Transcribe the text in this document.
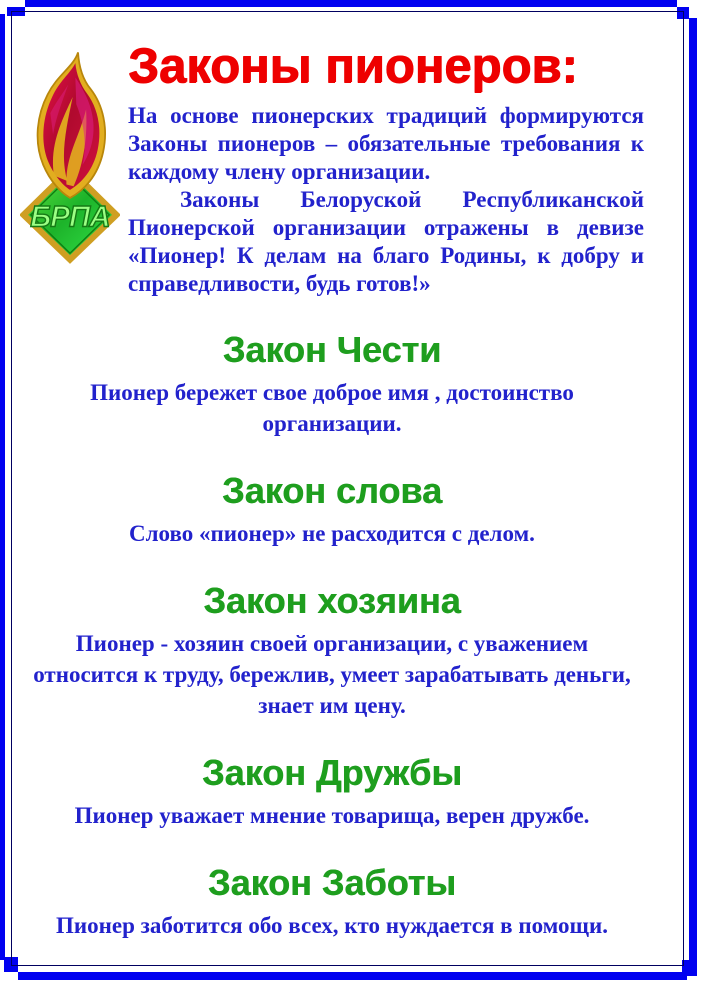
БРПА
Законы пионеров:

На основе пионерских традиций формируются Законы пионеров – обязательные требования к каждому члену организации.

Законы Белоруской Республиканской Пионерской организации отражены в девизе «Пионер! К делам на благо Родины, к добру и справедливости, будь готов!»

Закон Чести

Пионер бережет свое доброе имя , достоинство организации.

Закон слова

Слово «пионер» не расходится с делом.

Закон хозяина

Пионер - хозяин своей организации, с уважением относится к труду, бережлив, умеет зарабатывать деньги, знает им цену.

Закон Дружбы

Пионер уважает мнение товарища, верен дружбе.

Закон Заботы

Пионер заботится обо всех, кто нуждается в помощи.
